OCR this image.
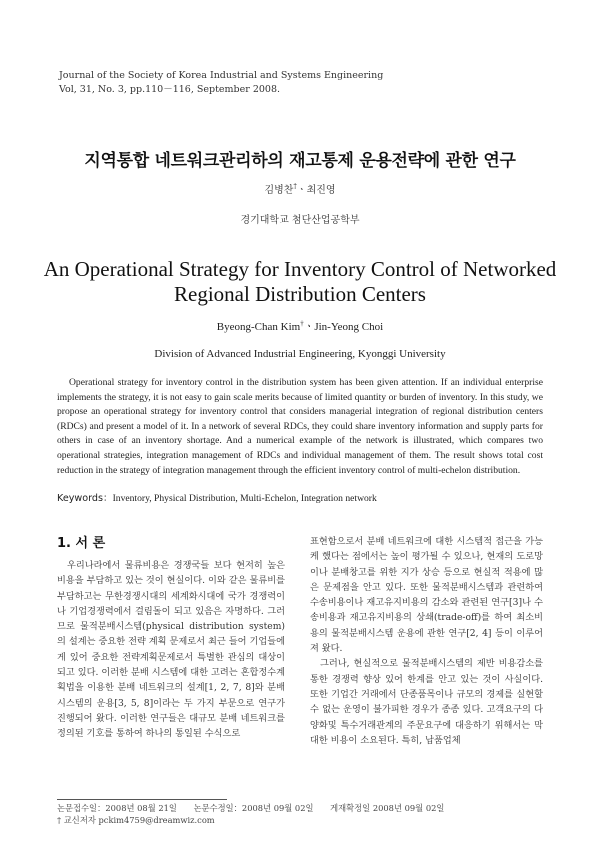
Journal of the Society of Korea Industrial and Systems Engineering
Vol, 31, No. 3, pp.110－116, September 2008.
지역통합 네트워크관리하의 재고통제 운용전략에 관한 연구
김병찬†ㆍ최진영
경기대학교 첨단산업공학부
An Operational Strategy for Inventory Control of Networked
Regional Distribution Centers
Byeong-Chan Kim†ㆍJin-Yeong Choi
Division of Advanced Industrial Engineering, Kyonggi University

Operational strategy for inventory control in the distribution system has been given attention. If an individual enterprise implements the strategy, it is not easy to gain scale merits because of limited quantity or burden of inventory. In this study, we propose an operational strategy for inventory control that considers managerial integration of regional distribution centers (RDCs) and present a model of it. In a network of several RDCs, they could share inventory information and supply parts for others in case of an inventory shortage. And a numerical example of the network is illustrated, which compares two operational strategies, integration management of RDCs and individual management of them. The result shows total cost reduction in the strategy of integration management through the efficient inventory control of multi-echelon distribution.

Keywords：Inventory, Physical Distribution, Multi-Echelon, Integration network
1. 서 론

우리나라에서 물류비용은 경쟁국들 보다 현저히 높은 비용을 부담하고 있는 것이 현실이다. 이와 같은 물류비를 부담하고는 무한경쟁시대의 세계화시대에 국가 경쟁력이나 기업경쟁력에서 걸림돌이 되고 있음은 자명하다. 그러므로 물적분배시스템(physical distribution system) 의 설계는 중요한 전략 계획 문제로서 최근 들어 기업들에게 있어 중요한 전략계획문제로서 특별한 관심의 대상이 되고 있다. 이러한 분배 시스템에 대한 고려는 혼합정수계획법을 이용한 분배 네트워크의 설계[1, 2, 7, 8]와 분배시스템의 운용[3, 5, 8]이라는 두 가지 부문으로 연구가 진행되어 왔다. 이러한 연구들은 대규모 분배 네트워크를 정의된 기호를 통하여 하나의 통일된 수식으로

표현함으로서 분배 네트워크에 대한 시스템적 접근을 가능케 했다는 점에서는 높이 평가될 수 있으나, 현재의 도로망이나 분배창고를 위한 지가 상승 등으로 현실적 적용에 많은 문제점을 안고 있다. 또한 물적분배시스템과 관련하여 수송비용이나 재고유지비용의 감소와 관련된 연구[3]나 수송비용과 재고유지비용의 상쇄(trade-off)를 하여 최소비용의 물적분배시스템 운용에 관한 연구[2, 4] 등이 이루어져 왔다.

그러나, 현실적으로 물적분배시스템의 제반 비용감소를 통한 경쟁력 향상 있어 한계를 안고 있는 것이 사실이다. 또한 기업간 거래에서 단종품목이나 규모의 경제를 실현할 수 없는 운영이 불가피한 경우가 종종 있다. 고객요구의 다양화및 특수거래관계의 주문요구에 대응하기 위해서는 막대한 비용이 소요된다. 특히, 납품업체

논문접수일：2008년 08월 21일 논문수정일：2008년 09월 02일 게재확정일 2008년 09월 02일
† 교신저자 pckim4759@dreamwiz.com
